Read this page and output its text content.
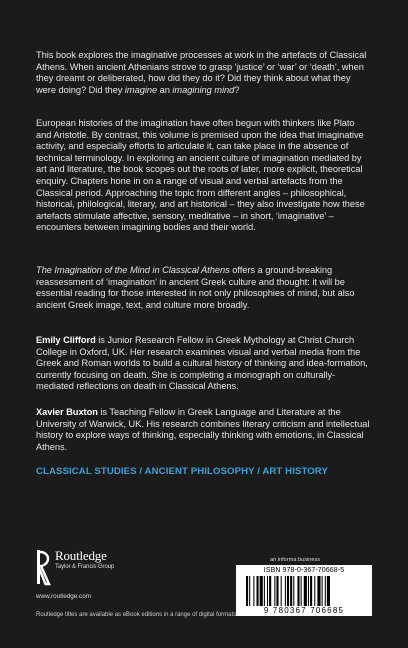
This book explores the imaginative processes at work in the artefacts of Classical Athens. When ancient Athenians strove to grasp ‘justice’ or ‘war’ or ‘death’, when they dreamt or deliberated, how did they do it? Did they think about what they were doing? Did they imagine an imagining mind?

European histories of the imagination have often begun with thinkers like Plato and Aristotle. By contrast, this volume is premised upon the idea that imaginative activity, and especially efforts to articulate it, can take place in the absence of technical terminology. In exploring an ancient culture of imagination mediated by art and literature, the book scopes out the roots of later, more explicit, theoretical enquiry. Chapters hone in on a range of visual and verbal artefacts from the Classical period. Approaching the topic from different angles – philosophical, historical, philological, literary, and art historical – they also investigate how these artefacts stimulate affective, sensory, meditative – in short, ‘imaginative’ – encounters between imagining bodies and their world.

The Imagination of the Mind in Classical Athens offers a ground-breaking reassessment of ‘imagination’ in ancient Greek culture and thought: it will be essential reading for those interested in not only philosophies of mind, but also ancient Greek image, text, and culture more broadly.

Emily Clifford is Junior Research Fellow in Greek Mythology at Christ Church College in Oxford, UK. Her research examines visual and verbal media from the Greek and Roman worlds to build a cultural history of thinking and idea-formation, currently focusing on death. She is completing a monograph on culturally-mediated reflections on death in Classical Athens.

Xavier Buxton is Teaching Fellow in Greek Language and Literature at the University of Warwick, UK. His research combines literary criticism and intellectual history to explore ways of thinking, especially thinking with emotions, in Classical Athens.

CLASSICAL STUDIES / ANCIENT PHILOSOPHY / ART HISTORY
Routledge
Taylor & Francis Group
www.routledge.com
an informa business
ISBN 978-0-367-70668-5
9 780367 706685
Routledge titles are available as eBook editions in a range of digital formats
